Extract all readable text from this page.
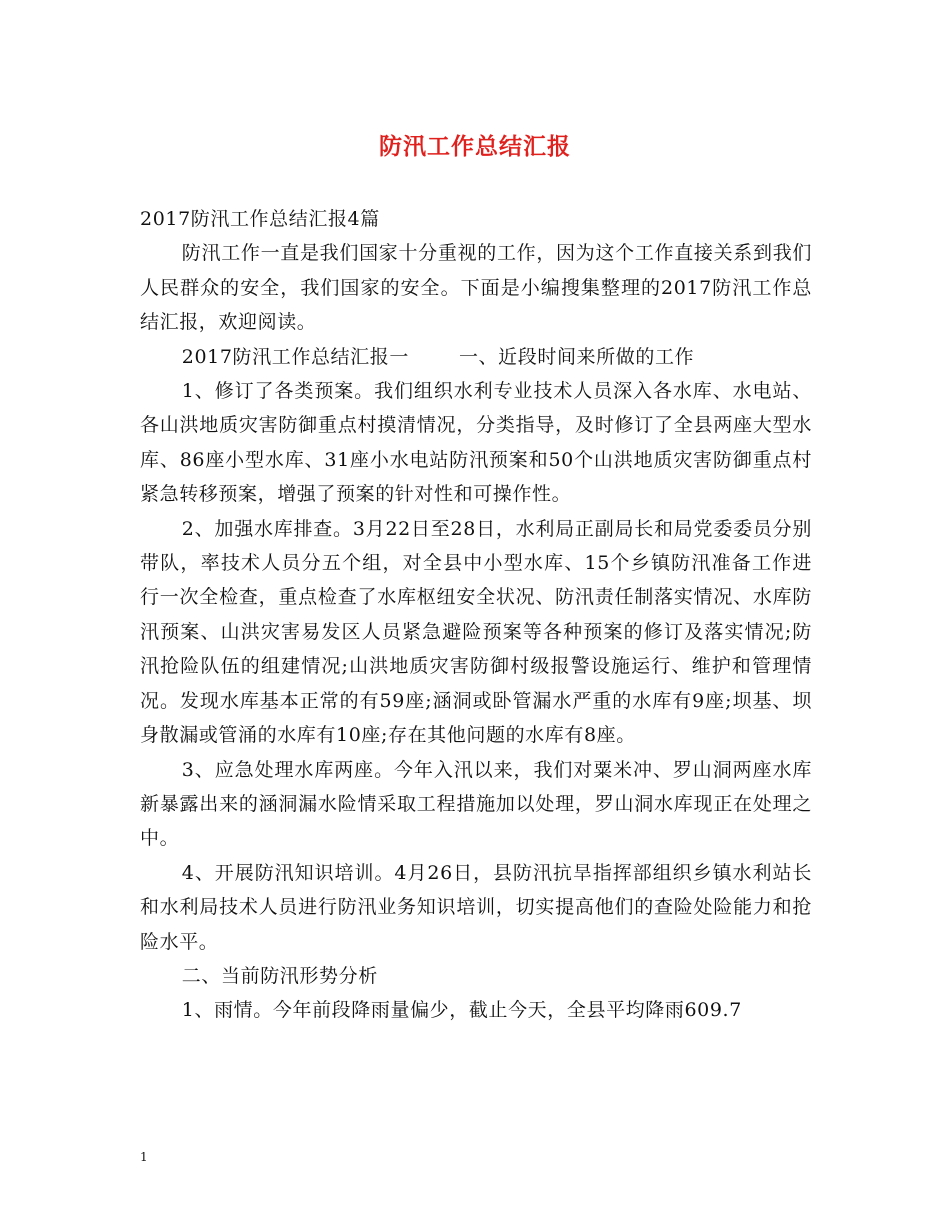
防汛工作总结汇报

2017防汛工作总结汇报4篇

防汛工作一直是我们国家十分重视的工作，因为这个工作直接关系到我们人民群众的安全，我们国家的安全。下面是小编搜集整理的2017防汛工作总结汇报，欢迎阅读。

2017防汛工作总结汇报一	一、近段时间来所做的工作

1、修订了各类预案。我们组织水利专业技术人员深入各水库、水电站、各山洪地质灾害防御重点村摸清情况，分类指导，及时修订了全县两座大型水库、86座小型水库、31座小水电站防汛预案和50个山洪地质灾害防御重点村紧急转移预案，增强了预案的针对性和可操作性。

2、加强水库排查。3月22日至28日，水利局正副局长和局党委委员分别带队，率技术人员分五个组，对全县中小型水库、15个乡镇防汛准备工作进行一次全检查，重点检查了水库枢纽安全状况、防汛责任制落实情况、水库防汛预案、山洪灾害易发区人员紧急避险预案等各种预案的修订及落实情况;防汛抢险队伍的组建情况;山洪地质灾害防御村级报警设施运行、维护和管理情况。发现水库基本正常的有59座;涵洞或卧管漏水严重的水库有9座;坝基、坝身散漏或管涌的水库有10座;存在其他问题的水库有8座。

3、应急处理水库两座。今年入汛以来，我们对粟米冲、罗山洞两座水库新暴露出来的涵洞漏水险情采取工程措施加以处理，罗山洞水库现正在处理之中。

4、开展防汛知识培训。4月26日，县防汛抗旱指挥部组织乡镇水利站长和水利局技术人员进行防汛业务知识培训，切实提高他们的查险处险能力和抢险水平。

二、当前防汛形势分析

1、雨情。今年前段降雨量偏少，截止今天，全县平均降雨609.7

1
